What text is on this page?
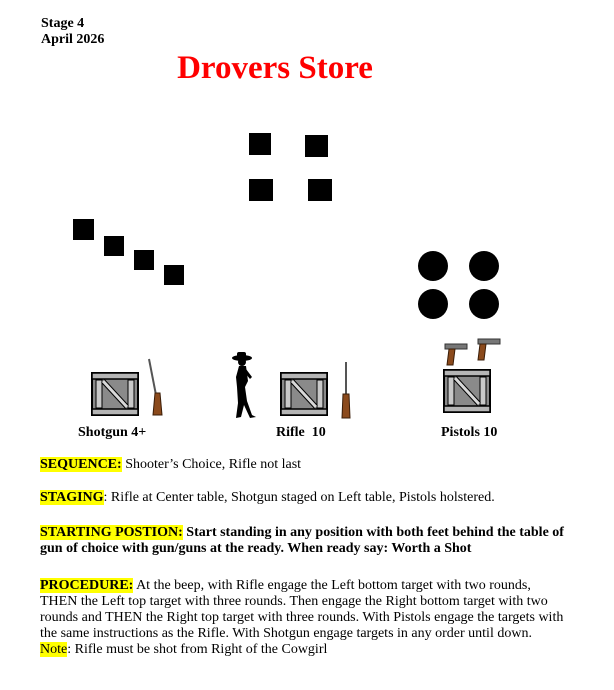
Stage 4
April 2026
Drovers Store
Shotgun 4+	Rifle  10	Pistols 10
SEQUENCE: Shooter’s Choice, Rifle not last
STAGING: Rifle at Center table, Shotgun staged on Left table, Pistols holstered.
STARTING POSTION: Start standing in any position with both feet behind the table of gun of choice with gun/guns at the ready. When ready say: Worth a Shot
PROCEDURE: At the beep, with Rifle engage the Left bottom target with two rounds, THEN the Left top target with three rounds. Then engage the Right bottom target with two rounds and THEN the Right top target with three rounds. With Pistols engage the targets with the same instructions as the Rifle. With Shotgun engage targets in any order until down.
Note: Rifle must be shot from Right of the Cowgirl
